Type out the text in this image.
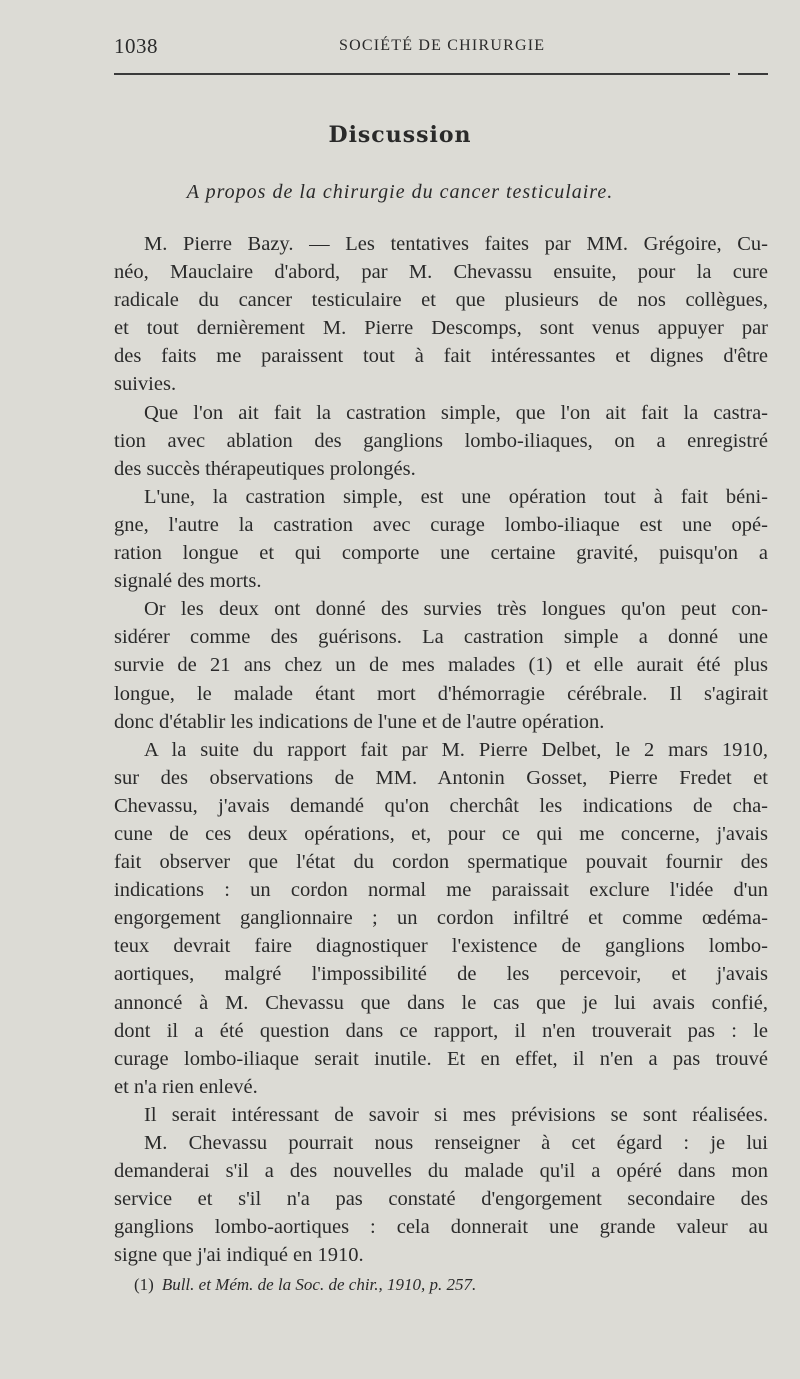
1038	SOCIÉTÉ DE CHIRURGIE
Discussion
A propos de la chirurgie du cancer testiculaire.
M. Pierre Bazy. — Les tentatives faites par MM. Grégoire, Cu-
néo, Mauclaire d'abord, par M. Chevassu ensuite, pour la cure
radicale du cancer testiculaire et que plusieurs de nos collègues,
et tout dernièrement M. Pierre Descomps, sont venus appuyer par
des faits me paraissent tout à fait intéressantes et dignes d'être
suivies.
Que l'on ait fait la castration simple, que l'on ait fait la castra-
tion avec ablation des ganglions lombo-iliaques, on a enregistré
des succès thérapeutiques prolongés.
L'une, la castration simple, est une opération tout à fait béni-
gne, l'autre la castration avec curage lombo-iliaque est une opé-
ration longue et qui comporte une certaine gravité, puisqu'on a
signalé des morts.
Or les deux ont donné des survies très longues qu'on peut con-
sidérer comme des guérisons. La castration simple a donné une
survie de 21 ans chez un de mes malades (1) et elle aurait été plus
longue, le malade étant mort d'hémorragie cérébrale. Il s'agirait
donc d'établir les indications de l'une et de l'autre opération.
A la suite du rapport fait par M. Pierre Delbet, le 2 mars 1910,
sur des observations de MM. Antonin Gosset, Pierre Fredet et
Chevassu, j'avais demandé qu'on cherchât les indications de cha-
cune de ces deux opérations, et, pour ce qui me concerne, j'avais
fait observer que l'état du cordon spermatique pouvait fournir des
indications : un cordon normal me paraissait exclure l'idée d'un
engorgement ganglionnaire ; un cordon infiltré et comme œdéma-
teux devrait faire diagnostiquer l'existence de ganglions lombo-
aortiques, malgré l'impossibilité de les percevoir, et j'avais
annoncé à M. Chevassu que dans le cas que je lui avais confié,
dont il a été question dans ce rapport, il n'en trouverait pas : le
curage lombo-iliaque serait inutile. Et en effet, il n'en a pas trouvé
et n'a rien enlevé.
Il serait intéressant de savoir si mes prévisions se sont réalisées.
M. Chevassu pourrait nous renseigner à cet égard : je lui
demanderai s'il a des nouvelles du malade qu'il a opéré dans mon
service et s'il n'a pas constaté d'engorgement secondaire des
ganglions lombo-aortiques : cela donnerait une grande valeur au
signe que j'ai indiqué en 1910.
(1) Bull. et Mém. de la Soc. de chir., 1910, p. 257.
